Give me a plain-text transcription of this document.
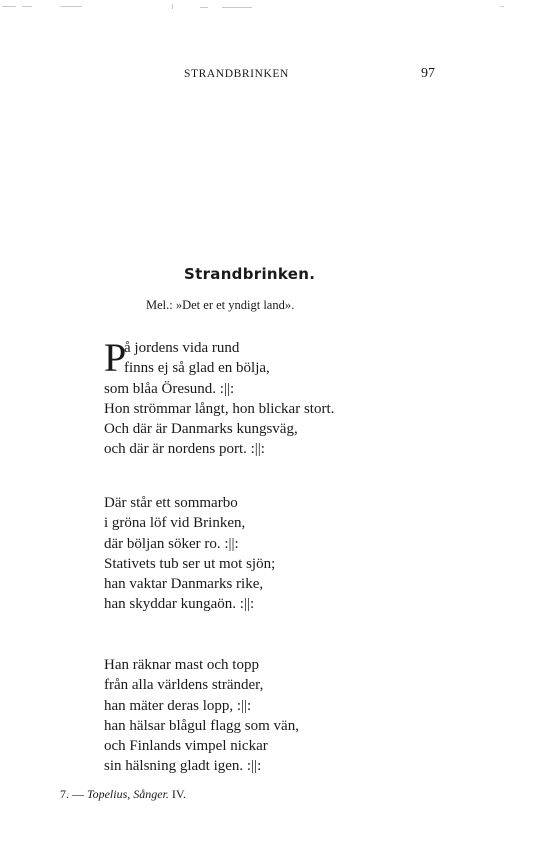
STRANDBRINKEN	97
Strandbrinken.
Mel.: »Det er et yndigt land».
P
å jordens vida rund
finns ej så glad en bölja,
som blåa Öresund. :||:
Hon strömmar långt, hon blickar stort.
Och där är Danmarks kungsväg,
och där är nordens port. :||:
Där står ett sommarbo
i gröna löf vid Brinken,
där böljan söker ro. :||:
Stativets tub ser ut mot sjön;
han vaktar Danmarks rike,
han skyddar kungaön. :||:
Han räknar mast och topp
från alla världens stränder,
han mäter deras lopp, :||:
han hälsar blågul flagg som vän,
och Finlands vimpel nickar
sin hälsning gladt igen. :||:
7. — Topelius, Sånger. IV.
